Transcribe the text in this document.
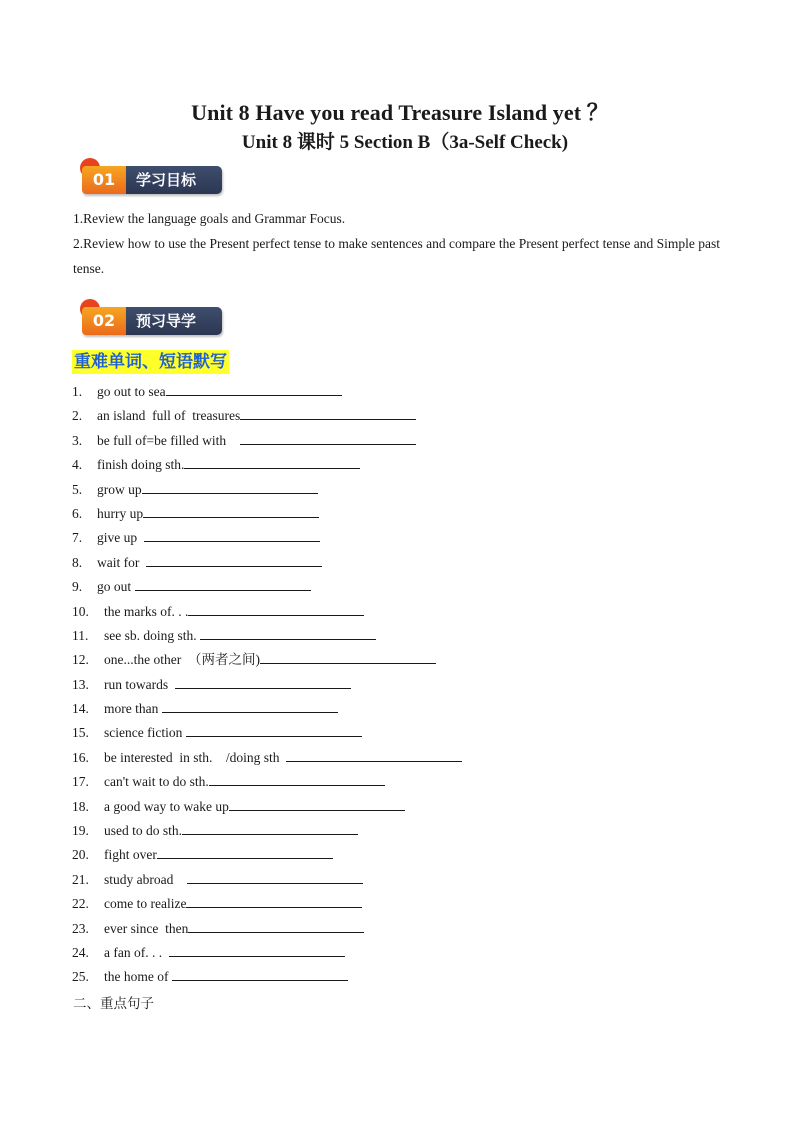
Unit 8 Have you read Treasure Island yet ？
Unit 8 课时 5 Section B（3a-Self Check)
01	学习目标

1.Review the language goals and Grammar Focus.

2.Review how to use the Present perfect tense to make sentences and compare the Present perfect tense and Simple past tense.

02	预习导学
重难单词、短语默写
1. go out to sea
2. an island  full of  treasures
3. be full of=be filled with
4. finish doing sth.
5. grow up
6. hurry up
7. give up
8. wait for
9. go out
10. the marks of. . .
11. see sb. doing sth.
12. one...the other  （两者之间)
13. run towards
14. more than
15. science fiction
16. be interested  in sth.    /doing sth
17. can't wait to do sth.
18. a good way to wake up
19. used to do sth.
20. fight over
21. study abroad
22. come to realize
23. ever since  then
24. a fan of. . .
25. the home of
二、重点句子
